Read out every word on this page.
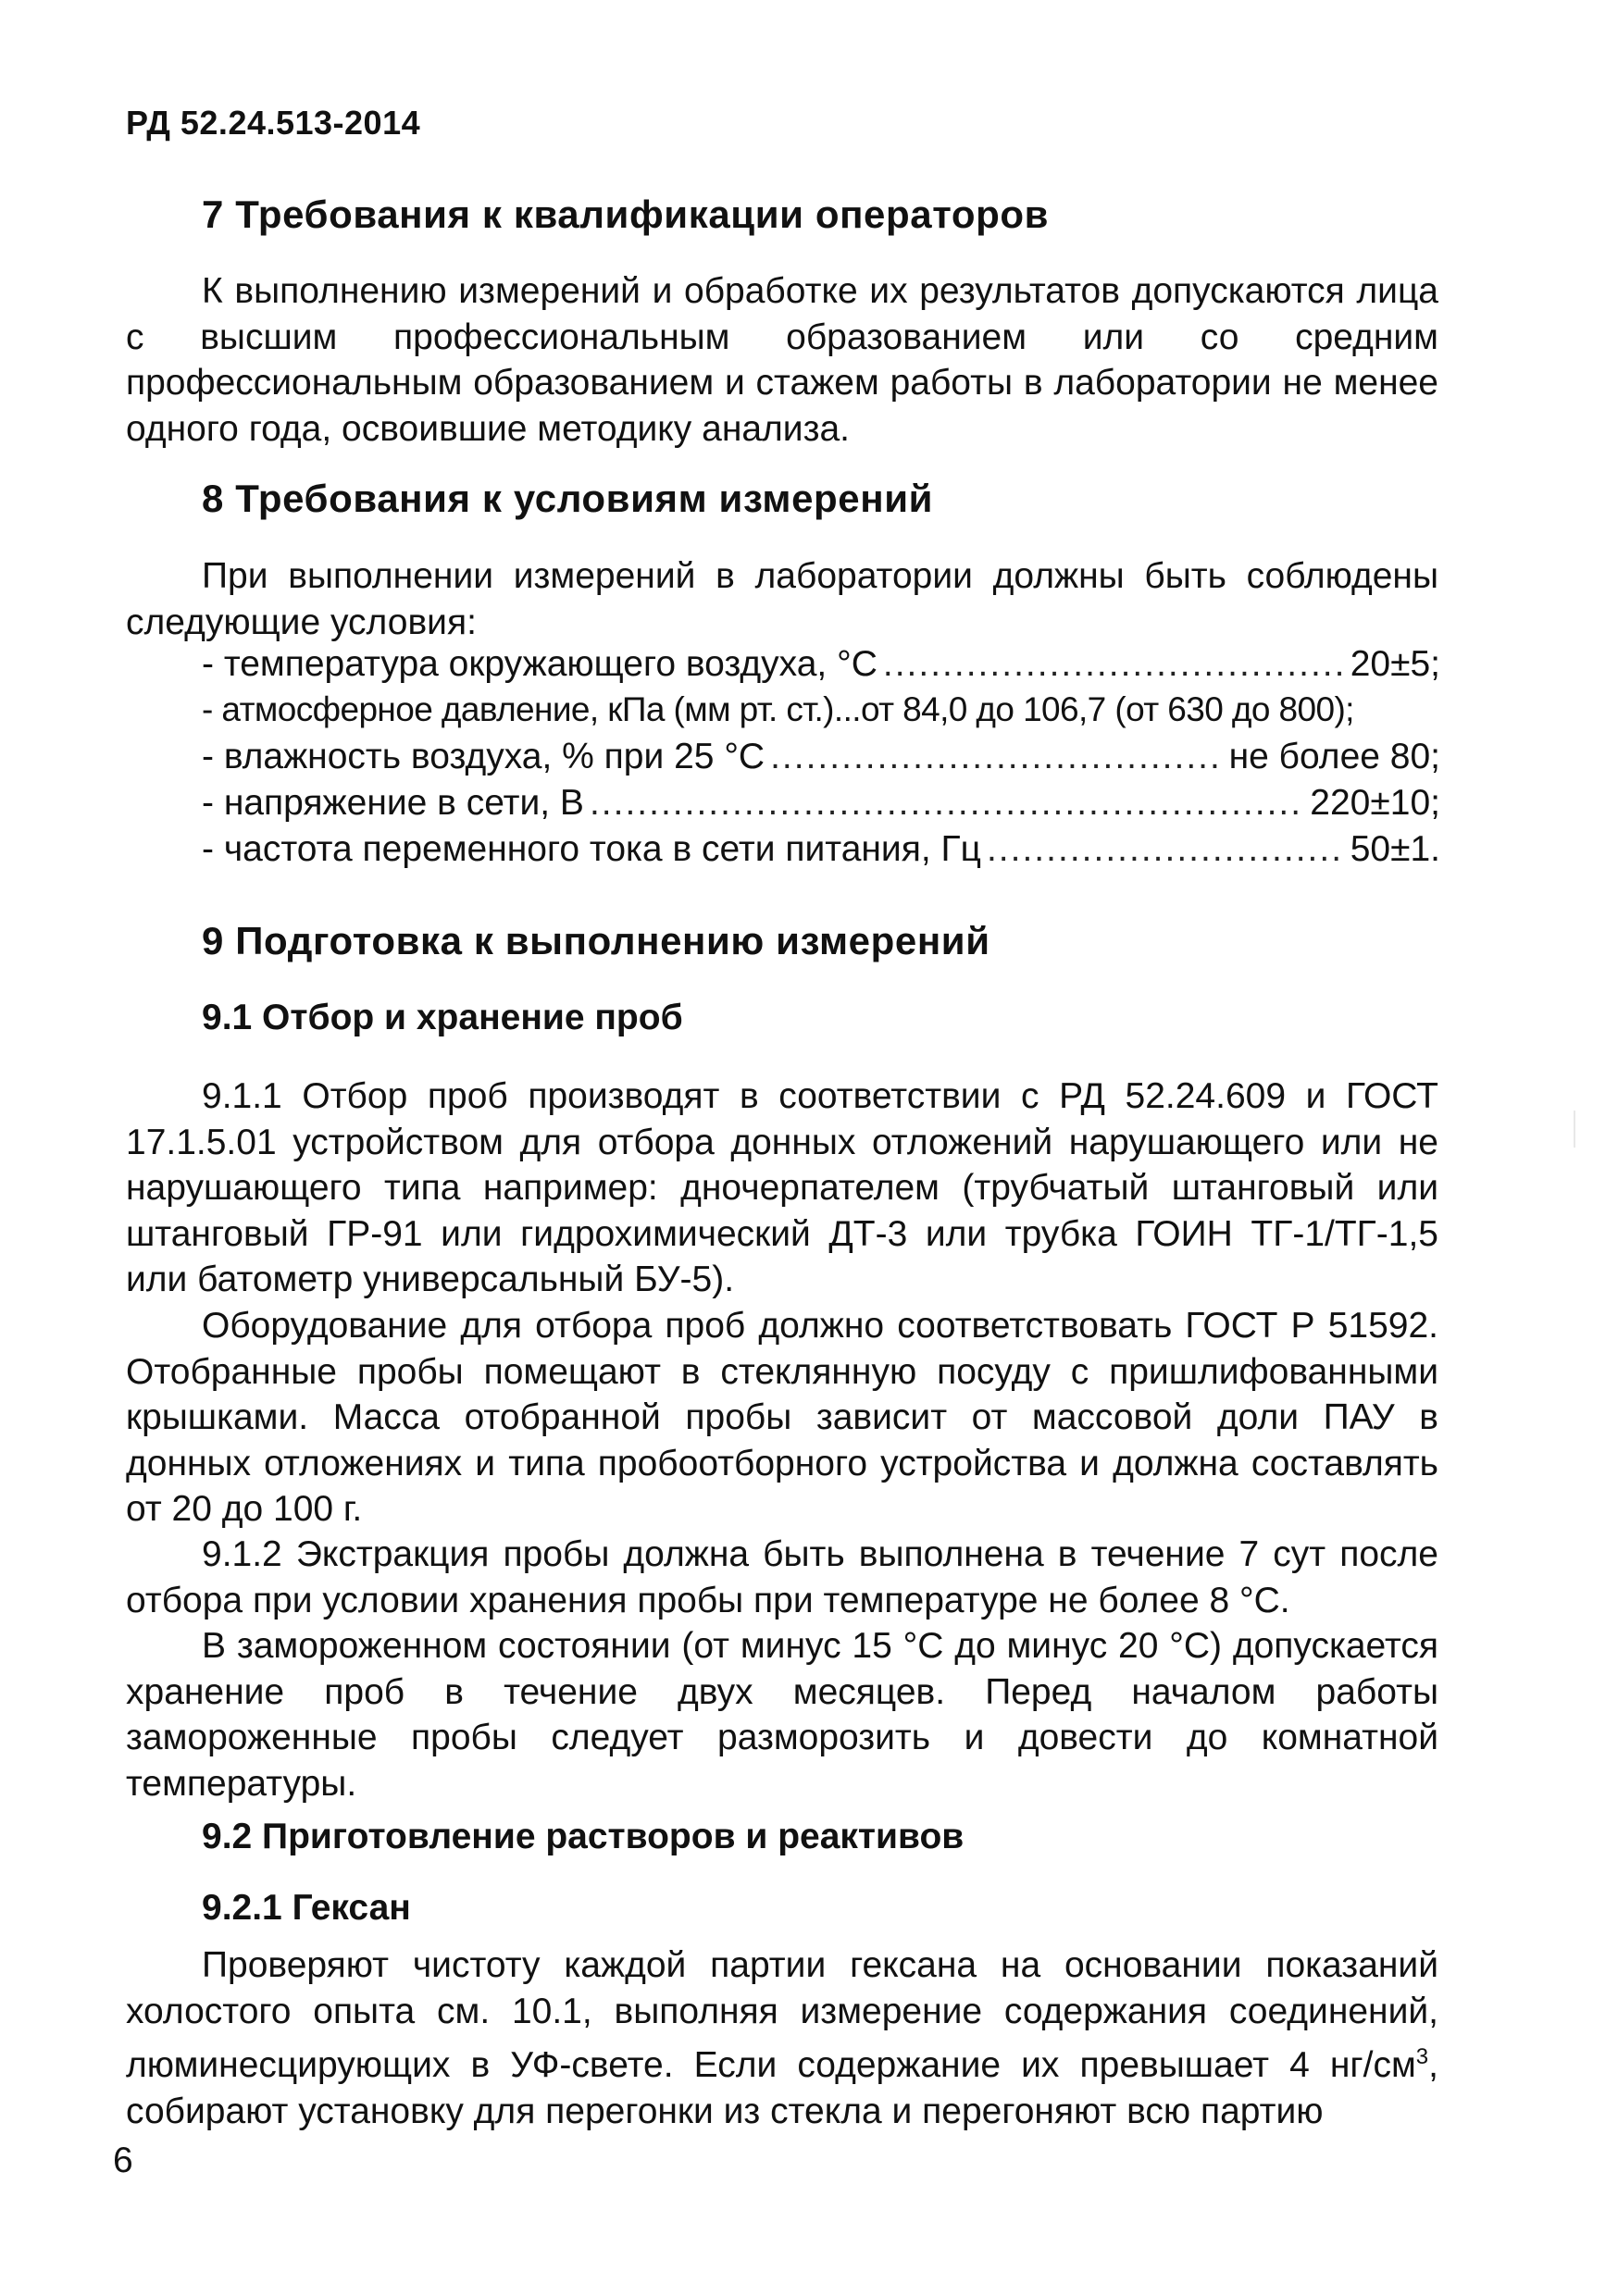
РД 52.24.513-2014
7 Требования к квалификации операторов
К выполнению измерений и обработке их результатов допускаются лица с высшим профессиональным образованием или со средним профессиональным образованием и стажем работы в лаборатории не менее одного года, освоившие методику анализа.
8 Требования к условиям измерений
При выполнении измерений в лаборатории должны быть соблюдены следующие условия:
- температура окружающего воздуха, °С .....	20±5;
- атмосферное давление, кПа (мм рт. ст.)...от 84,0 до 106,7 (от 630 до 800);
- влажность воздуха, % при 25 °С .....	не более 80;
- напряжение в сети, В .....	220±10;
- частота переменного тока в сети питания, Гц .....	50±1.
9 Подготовка к выполнению измерений
9.1 Отбор и хранение проб
9.1.1 Отбор проб производят в соответствии с РД 52.24.609 и ГОСТ 17.1.5.01 устройством для отбора донных отложений нарушающего или не нарушающего типа например: дночерпателем (трубчатый штанговый или штанговый ГР-91 или гидрохимический ДТ-3 или трубка ГОИН ТГ-1/ТГ-1,5 или батометр универсальный БУ-5).
Оборудование для отбора проб должно соответствовать ГОСТ Р 51592. Отобранные пробы помещают в стеклянную посуду с пришлифованными крышками. Масса отобранной пробы зависит от массовой доли ПАУ в донных отложениях и типа пробоотборного устройства и должна составлять от 20 до 100 г.
9.1.2 Экстракция пробы должна быть выполнена в течение 7 сут после отбора при условии хранения пробы при температуре не более 8 °С.
В замороженном состоянии (от минус 15 °С до минус 20 °С) допускается хранение проб в течение двух месяцев. Перед началом работы замороженные пробы следует разморозить и довести до комнатной температуры.
9.2 Приготовление растворов и реактивов
9.2.1 Гексан
Проверяют чистоту каждой партии гексана на основании показаний холостого опыта см. 10.1, выполняя измерение содержания соединений, люминесцирующих в УФ-свете. Если содержание их превышает 4 $нг/см^3$, собирают установку для перегонки из стекла и перегоняют всю партию
6
